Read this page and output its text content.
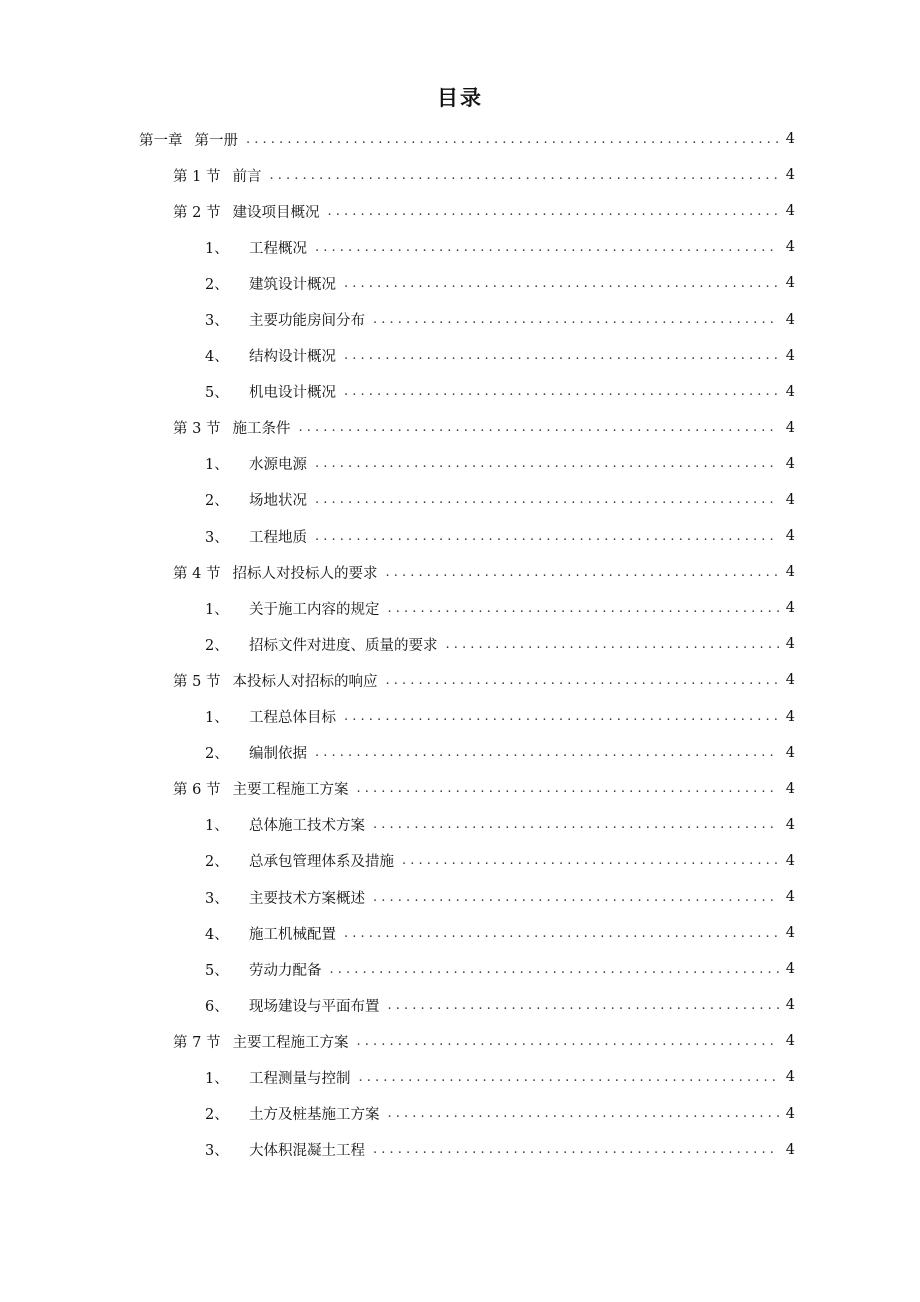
目录
第一章 第一册 . . .	4
第 1 节 前言 . . .	4
第 2 节 建设项目概况 . . .	4
1、 工程概况 . . .	4
2、 建筑设计概况 . . .	4
3、 主要功能房间分布 . . .	4
4、 结构设计概况 . . .	4
5、 机电设计概况 . . .	4
第 3 节 施工条件 . . .	4
1、 水源电源 . . .	4
2、 场地状况 . . .	4
3、 工程地质 . . .	4
第 4 节 招标人对投标人的要求 . . .	4
1、 关于施工内容的规定 . . .	4
2、 招标文件对进度、质量的要求 . . .	4
第 5 节 本投标人对招标的响应 . . .	4
1、 工程总体目标 . . .	4
2、 编制依据 . . .	4
第 6 节 主要工程施工方案 . . .	4
1、 总体施工技术方案 . . .	4
2、 总承包管理体系及措施 . . .	4
3、 主要技术方案概述 . . .	4
4、 施工机械配置 . . .	4
5、 劳动力配备 . . .	4
6、 现场建设与平面布置 . . .	4
第 7 节 主要工程施工方案 . . .	4
1、 工程测量与控制 . . .	4
2、 土方及桩基施工方案 . . .	4
3、 大体积混凝土工程 . . .	4
